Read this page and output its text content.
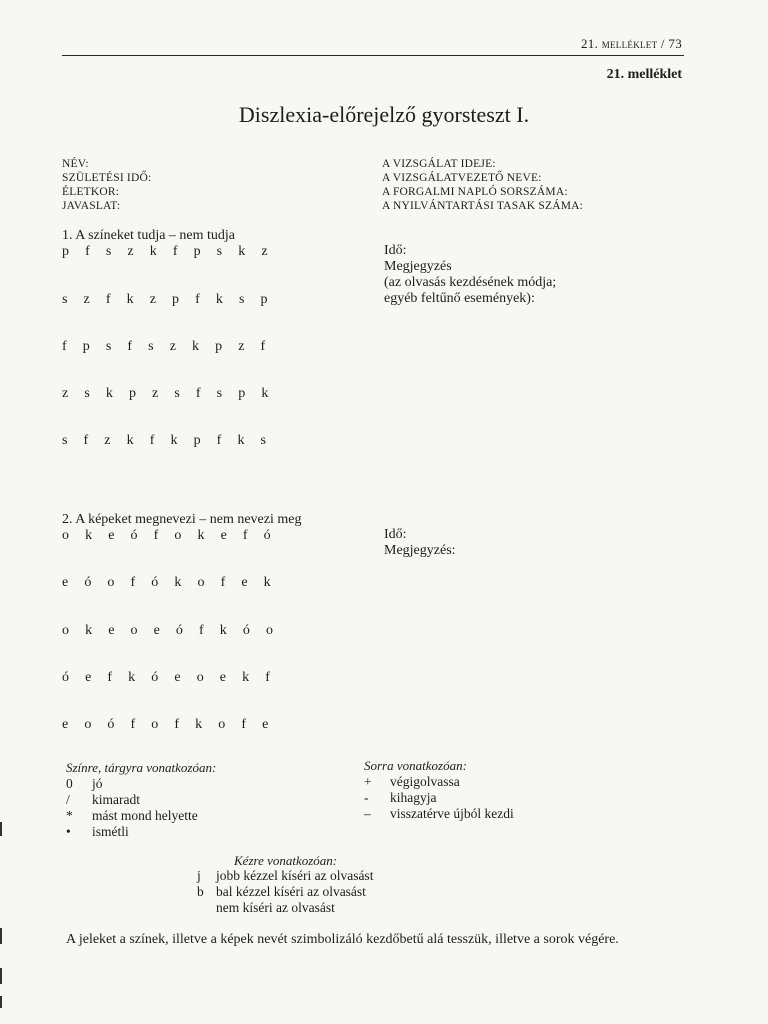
21. melléklet / 73
21. melléklet
Diszlexia-előrejelző gyorsteszt I.
NÉV:
SZÜLETÉSI IDŐ:
ÉLETKOR:
JAVASLAT:
A VIZSGÁLAT IDEJE:
A VIZSGÁLATVEZETŐ NEVE:
A FORGALMI NAPLÓ SORSZÁMA:
A NYILVÁNTARTÁSI TASAK SZÁMA:
1. A színeket tudja – nem tudja
p f s z k f p s k z
s z f k z p f k s p
f p s f s z k p z f
z s k p z s f s p k
s f z k f k p f k s
Idő:
Megjegyzés
(az olvasás kezdésének módja;
egyéb feltűnő események):
2. A képeket megnevezi – nem nevezi meg
o k e ó f o k e f ó
e ó o f ó k o f e k
o k e o e ó f k ó o
ó e f k ó e o e k f
e o ó f o f k o f e
Idő:
Megjegyzés:
Színre, tárgyra vonatkozóan:
0 jó
/ kimaradt
* mást mond helyette
• ismétli
Sorra vonatkozóan:
+ végigolvassa
- kihagyja
– visszatérve újból kezdi
Kézre vonatkozóan:
j jobb kézzel kíséri az olvasást
b bal kézzel kíséri az olvasást
nem kíséri az olvasást
A jeleket a színek, illetve a képek nevét szimbolizáló kezdőbetű alá tesszük, illetve a sorok végére.
